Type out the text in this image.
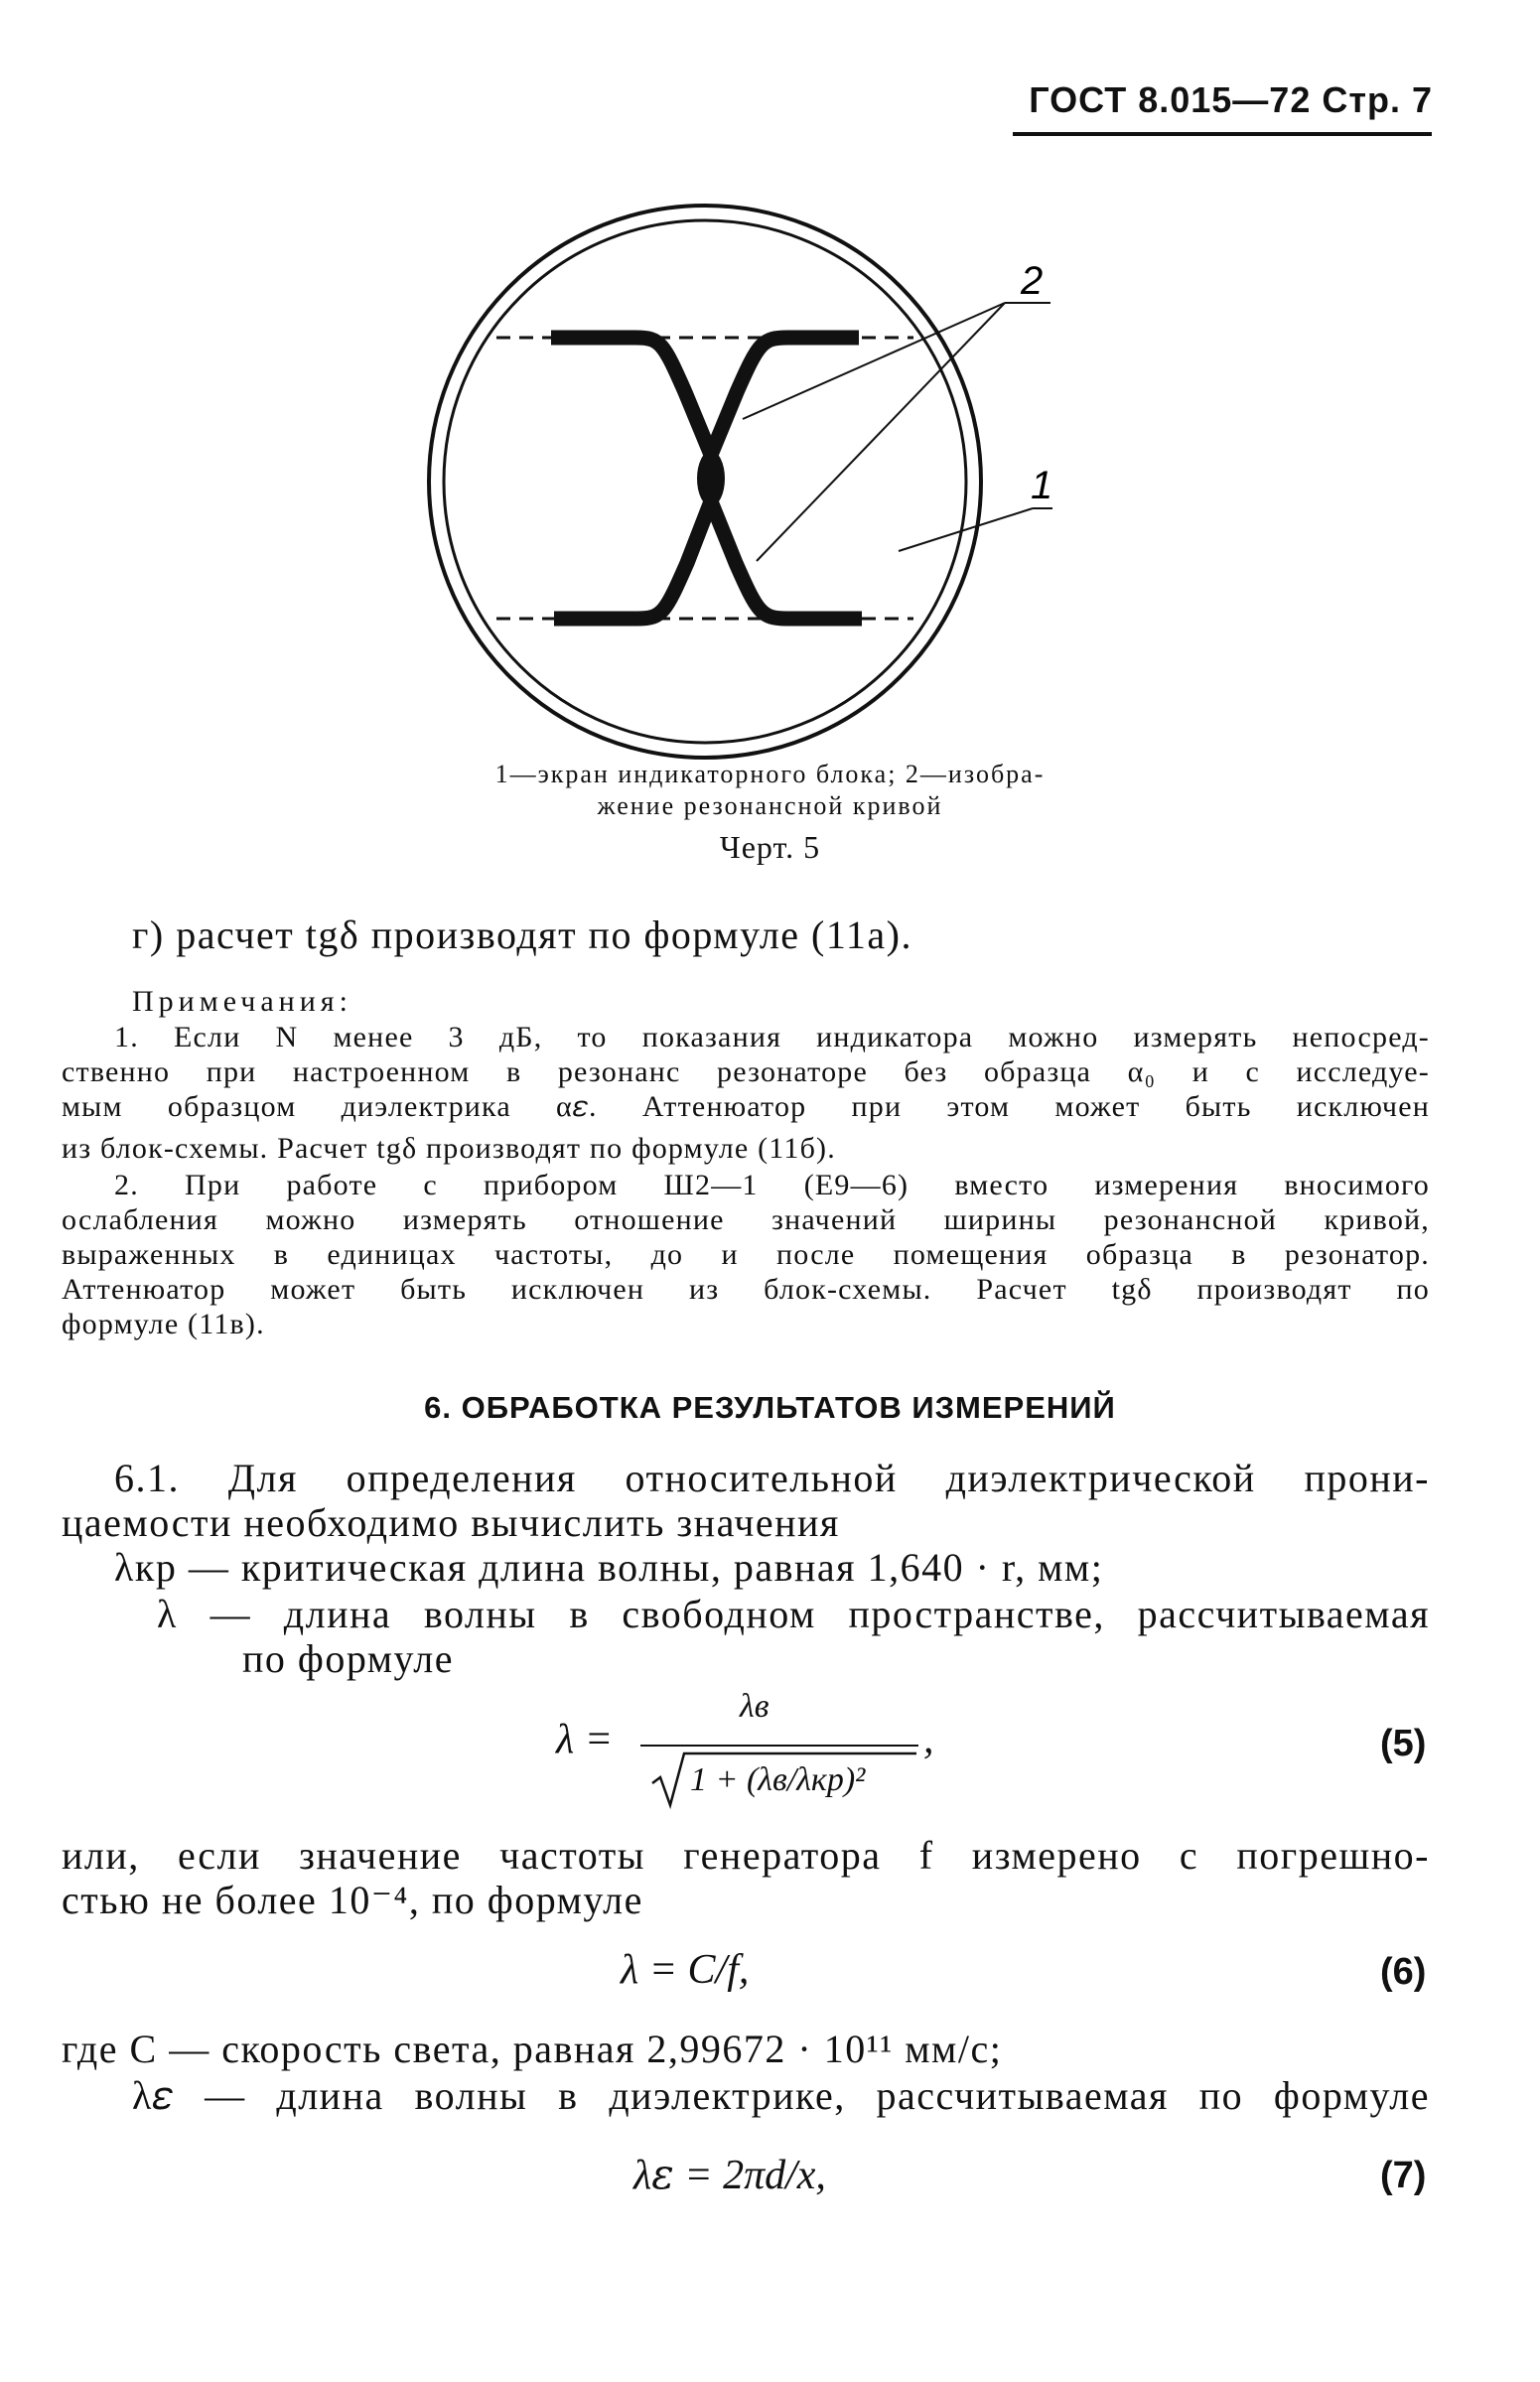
ГОСТ 8.015—72 Стр. 7
2
1
1—экран индикаторного блока; 2—изобра-
жение резонансной кривой
Черт. 5
г) расчет tgδ производят по формуле (11а).
Примечания:
1. Если N менее 3 дБ, то показания индикатора можно измерять непосред-
ственно при настроенном в резонанс резонаторе без образца α₀ и с исследуе-
мым образцом диэлектрика α𝜀. Аттенюатор при этом может быть исключен
из блок-схемы. Расчет tgδ производят по формуле (11б).
2. При работе с прибором Ш2—1 (Е9—6) вместо измерения вносимого
ослабления можно измерять отношение значений ширины резонансной кривой,
выраженных в единицах частоты, до и после помещения образца в резонатор.
Аттенюатор может быть исключен из блок-схемы. Расчет tgδ производят по
формуле (11в).
6. ОБРАБОТКА РЕЗУЛЬТАТОВ ИЗМЕРЕНИЙ
6.1. Для определения относительной диэлектрической прони-
цаемости необходимо вычислить значения
λкр — критическая длина волны, равная 1,640 · r, мм;
λ — длина волны в свободном пространстве, рассчитываемая
по формуле
λ =
λв
1 + (λв/λкр)²
,	(5)
или, если значение частоты генератора f измерено с погрешно-
стью не более 10⁻⁴, по формуле
λ = C/f,	(6)
где C — скорость света, равная 2,99672 · 10¹¹ мм/с;
λ𝜀 — длина волны в диэлектрике, рассчитываемая по формуле
λ𝜀 = 2πd/x,	(7)
